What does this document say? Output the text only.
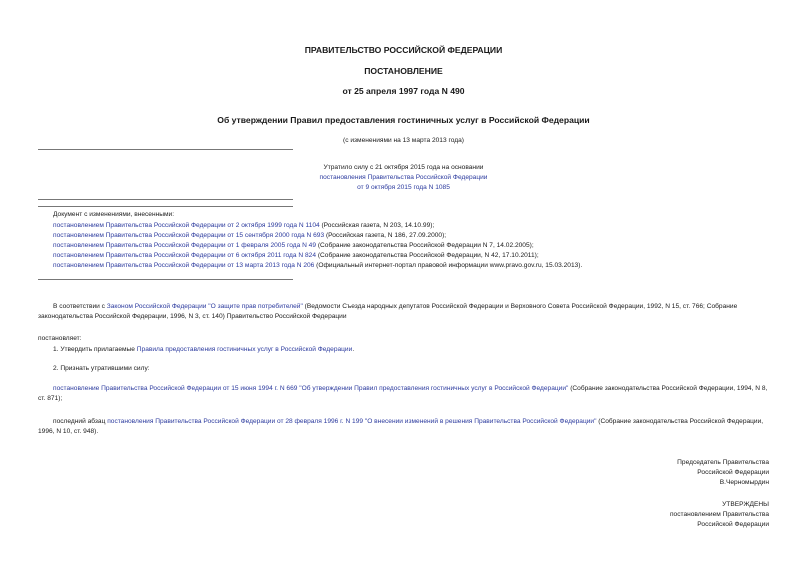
ПРАВИТЕЛЬСТВО РОССИЙСКОЙ ФЕДЕРАЦИИ
ПОСТАНОВЛЕНИЕ
от 25 апреля 1997 года N 490
Об утверждении Правил предоставления гостиничных услуг в Российской Федерации
(с изменениями на 13 марта 2013 года)
Утратило силу с 21 октября 2015 года на основании
постановления Правительства Российской Федерации
от 9 октября 2015 года N 1085
Документ с изменениями, внесенными:
постановлением Правительства Российской Федерации от 2 октября 1999 года N 1104 (Российская газета, N 203, 14.10.99);
постановлением Правительства Российской Федерации от 15 сентября 2000 года N 693 (Российская газета, N 186, 27.09.2000);
постановлением Правительства Российской Федерации от 1 февраля 2005 года N 49 (Собрание законодательства Российской Федерации N 7, 14.02.2005);
постановлением Правительства Российской Федерации от 6 октября 2011 года N 824 (Собрание законодательства Российской Федерации, N 42, 17.10.2011);
постановлением Правительства Российской Федерации от 13 марта 2013 года N 206 (Официальный интернет-портал правовой информации www.pravo.gov.ru, 15.03.2013).
В соответствии с Законом Российской Федерации "О защите прав потребителей" (Ведомости Съезда народных депутатов Российской Федерации и Верховного Совета Российской Федерации, 1992, N 15, ст. 766; Собрание законодательства Российской Федерации, 1996, N 3, ст. 140) Правительство Российской Федерации
постановляет:
1. Утвердить прилагаемые Правила предоставления гостиничных услуг в Российской Федерации.
2. Признать утратившими силу:
постановление Правительства Российской Федерации от 15 июня 1994 г. N 669 "Об утверждении Правил предоставления гостиничных услуг в Российской Федерации" (Собрание законодательства Российской Федерации, 1994, N 8, ст. 871);
последний абзац постановления Правительства Российской Федерации от 28 февраля 1996 г. N 199 "О внесении изменений в решения Правительства Российской Федерации" (Собрание законодательства Российской Федерации, 1996, N 10, ст. 948).
Председатель Правительства
Российской Федерации
В.Черномырдин
УТВЕРЖДЕНЫ
постановлением Правительства
Российской Федерации
